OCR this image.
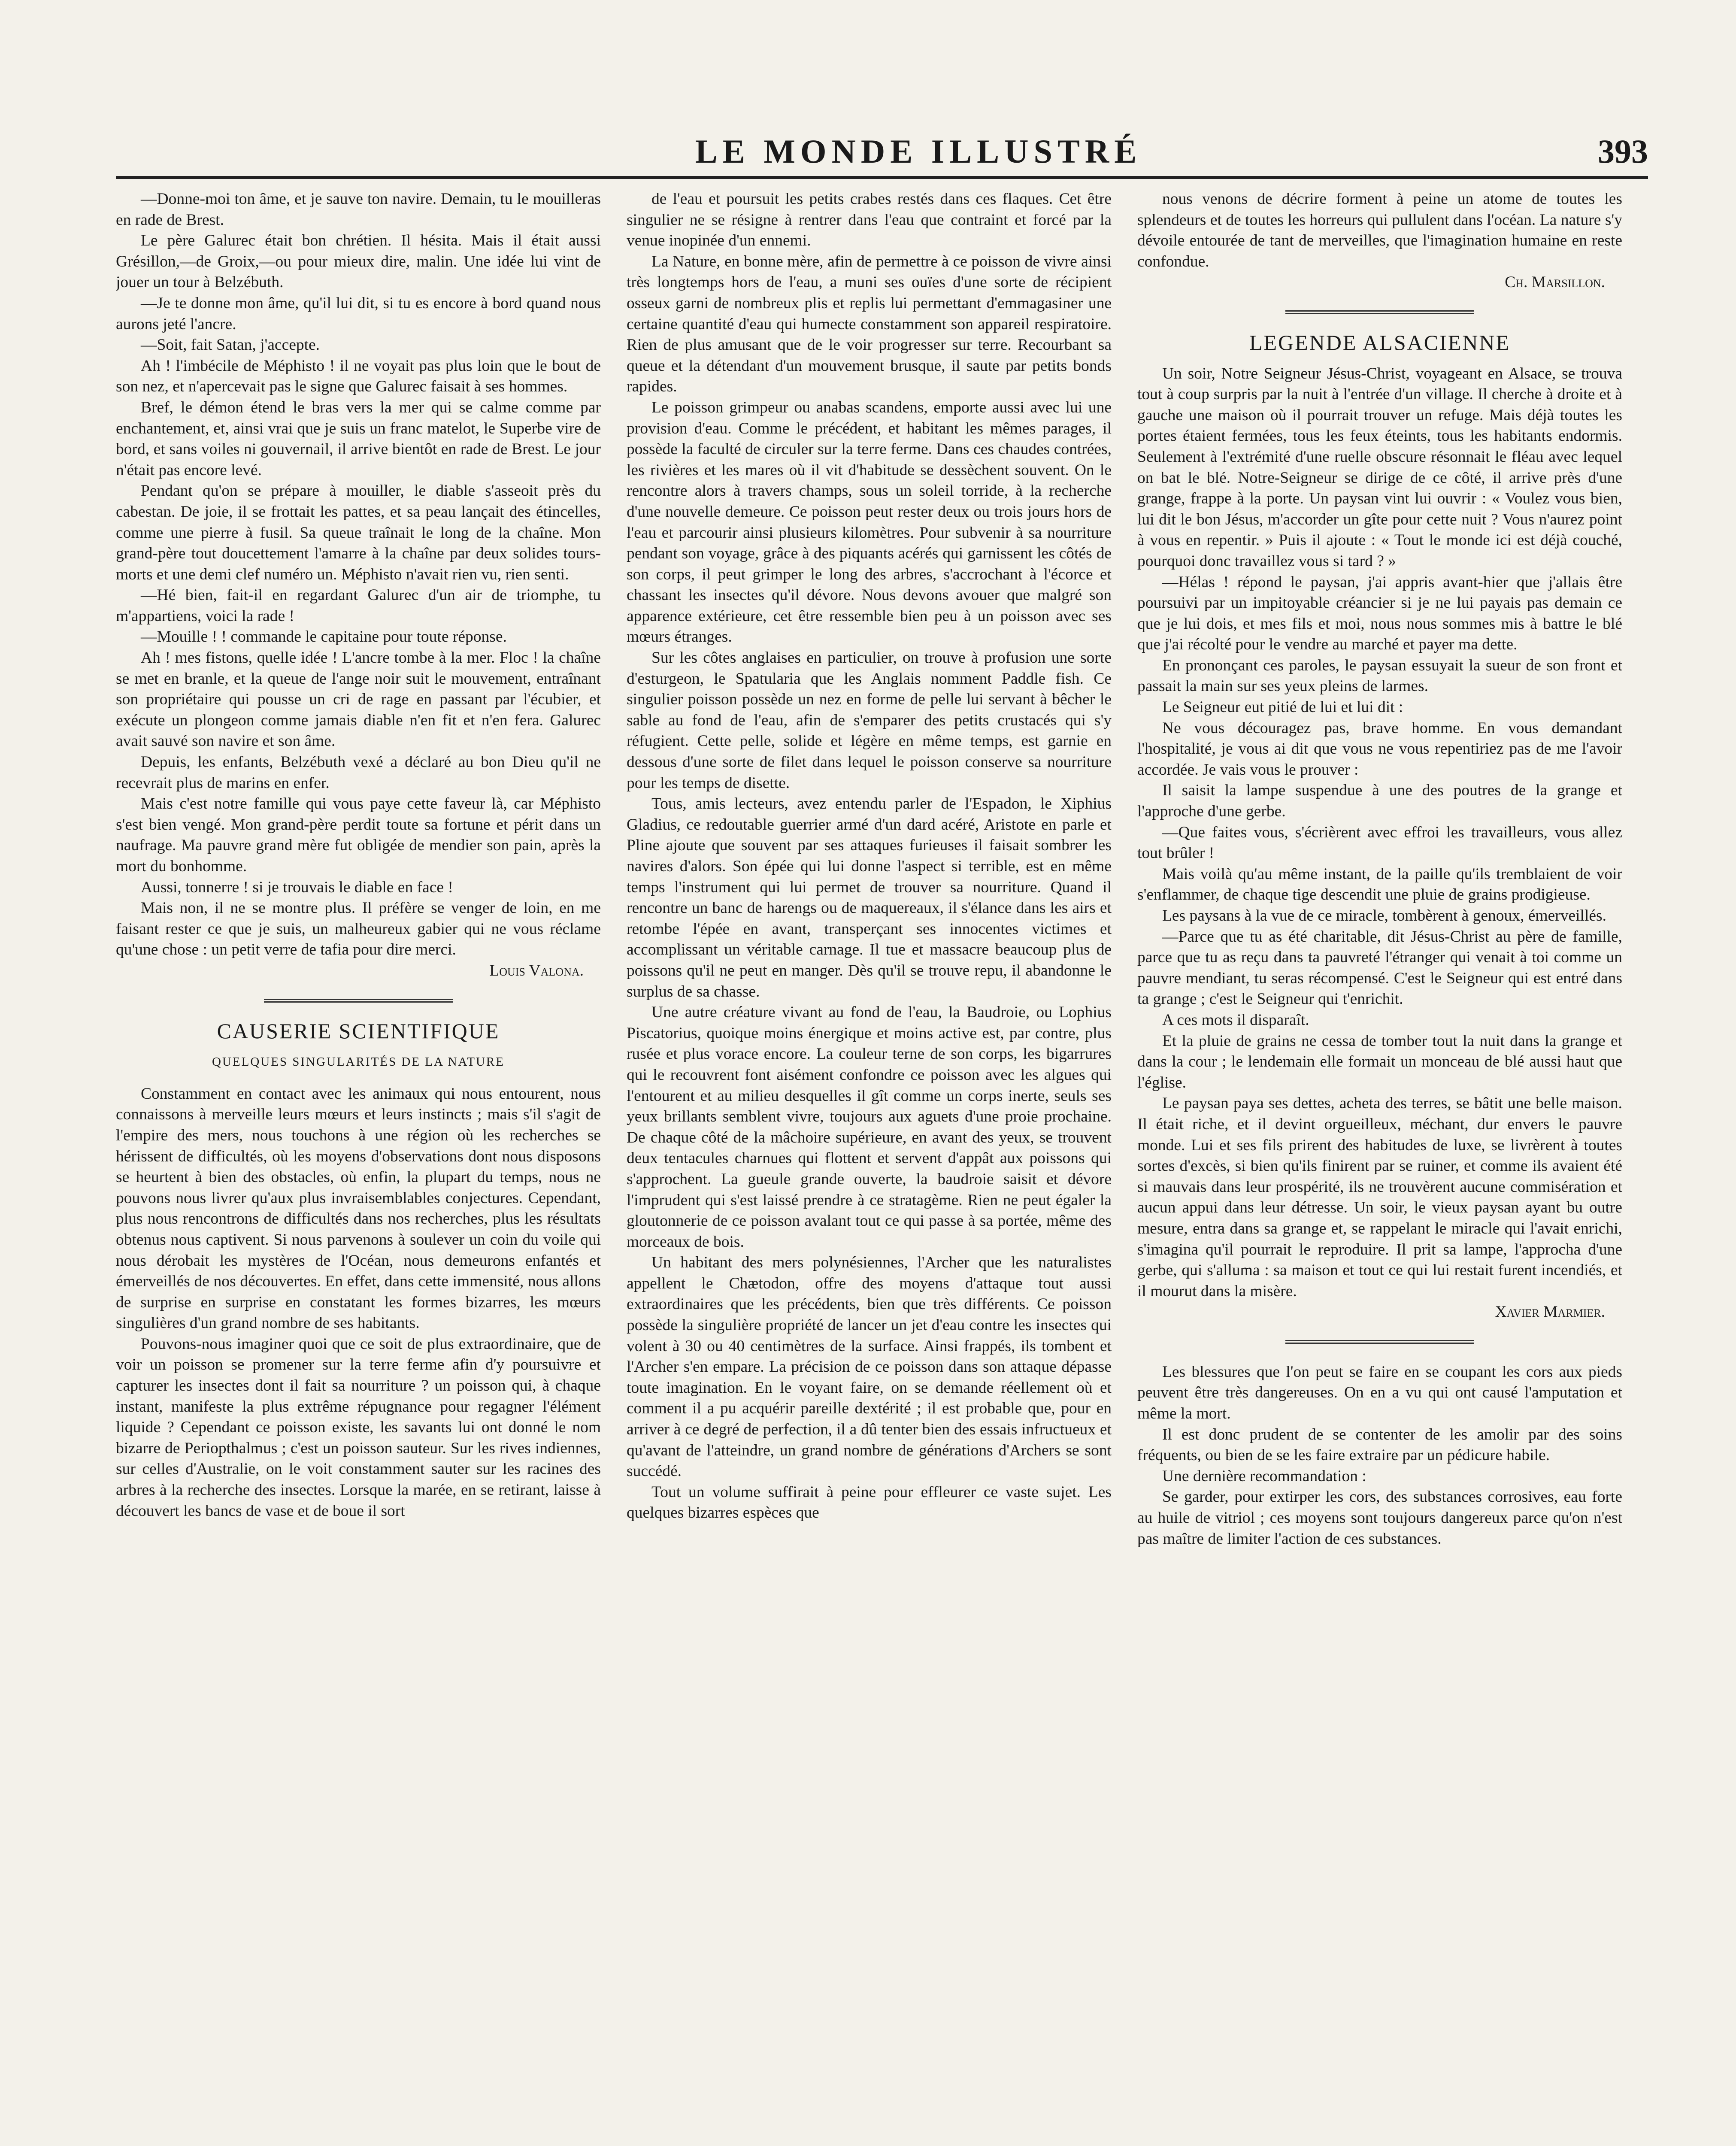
LE MONDE ILLUSTRÉ	393

—Donne-moi ton âme, et je sauve ton navire. Demain, tu le mouilleras en rade de Brest.

Le père Galurec était bon chrétien. Il hésita. Mais il était aussi Grésillon,—de Groix,—ou pour mieux dire, malin. Une idée lui vint de jouer un tour à Belzébuth.

—Je te donne mon âme, qu'il lui dit, si tu es encore à bord quand nous aurons jeté l'ancre.

—Soit, fait Satan, j'accepte.

Ah ! l'imbécile de Méphisto ! il ne voyait pas plus loin que le bout de son nez, et n'apercevait pas le signe que Galurec faisait à ses hommes.

Bref, le démon étend le bras vers la mer qui se calme comme par enchantement, et, ainsi vrai que je suis un franc matelot, le Superbe vire de bord, et sans voiles ni gouvernail, il arrive bientôt en rade de Brest. Le jour n'était pas encore levé.

Pendant qu'on se prépare à mouiller, le diable s'asseoit près du cabestan. De joie, il se frottait les pattes, et sa peau lançait des étincelles, comme une pierre à fusil. Sa queue traînait le long de la chaîne. Mon grand-père tout doucettement l'amarre à la chaîne par deux solides tours-morts et une demi clef numéro un. Méphisto n'avait rien vu, rien senti.

—Hé bien, fait-il en regardant Galurec d'un air de triomphe, tu m'appartiens, voici la rade !

—Mouille ! ! commande le capitaine pour toute réponse.

Ah ! mes fistons, quelle idée ! L'ancre tombe à la mer. Floc ! la chaîne se met en branle, et la queue de l'ange noir suit le mouvement, entraînant son propriétaire qui pousse un cri de rage en passant par l'écubier, et exécute un plongeon comme jamais diable n'en fit et n'en fera. Galurec avait sauvé son navire et son âme.

Depuis, les enfants, Belzébuth vexé a déclaré au bon Dieu qu'il ne recevrait plus de marins en enfer.

Mais c'est notre famille qui vous paye cette faveur là, car Méphisto s'est bien vengé. Mon grand-père perdit toute sa fortune et périt dans un naufrage. Ma pauvre grand mère fut obligée de mendier son pain, après la mort du bonhomme.

Aussi, tonnerre ! si je trouvais le diable en face !

Mais non, il ne se montre plus. Il préfère se venger de loin, en me faisant rester ce que je suis, un malheureux gabier qui ne vous réclame qu'une chose : un petit verre de tafia pour dire merci.

Louis Valona.

CAUSERIE SCIENTIFIQUE
QUELQUES SINGULARITÉS DE LA NATURE

Constamment en contact avec les animaux qui nous entourent, nous connaissons à merveille leurs mœurs et leurs instincts ; mais s'il s'agit de l'empire des mers, nous touchons à une région où les recherches se hérissent de difficultés, où les moyens d'observations dont nous disposons se heurtent à bien des obstacles, où enfin, la plupart du temps, nous ne pouvons nous livrer qu'aux plus invraisemblables conjectures. Cependant, plus nous rencontrons de difficultés dans nos recherches, plus les résultats obtenus nous captivent. Si nous parvenons à soulever un coin du voile qui nous dérobait les mystères de l'Océan, nous demeurons enfantés et émerveillés de nos découvertes. En effet, dans cette immensité, nous allons de surprise en surprise en constatant les formes bizarres, les mœurs singulières d'un grand nombre de ses habitants.

Pouvons-nous imaginer quoi que ce soit de plus extraordinaire, que de voir un poisson se promener sur la terre ferme afin d'y poursuivre et capturer les insectes dont il fait sa nourriture ? un poisson qui, à chaque instant, manifeste la plus extrême répugnance pour regagner l'élément liquide ? Cependant ce poisson existe, les savants lui ont donné le nom bizarre de Periopthalmus ; c'est un poisson sauteur. Sur les rives indiennes, sur celles d'Australie, on le voit constamment sauter sur les racines des arbres à la recherche des insectes. Lorsque la marée, en se retirant, laisse à découvert les bancs de vase et de boue il sort

de l'eau et poursuit les petits crabes restés dans ces flaques. Cet être singulier ne se résigne à rentrer dans l'eau que contraint et forcé par la venue inopinée d'un ennemi.

La Nature, en bonne mère, afin de permettre à ce poisson de vivre ainsi très longtemps hors de l'eau, a muni ses ouïes d'une sorte de récipient osseux garni de nombreux plis et replis lui permettant d'emmagasiner une certaine quantité d'eau qui humecte constamment son appareil respiratoire. Rien de plus amusant que de le voir progresser sur terre. Recourbant sa queue et la détendant d'un mouvement brusque, il saute par petits bonds rapides.

Le poisson grimpeur ou anabas scandens, emporte aussi avec lui une provision d'eau. Comme le précédent, et habitant les mêmes parages, il possède la faculté de circuler sur la terre ferme. Dans ces chaudes contrées, les rivières et les mares où il vit d'habitude se dessèchent souvent. On le rencontre alors à travers champs, sous un soleil torride, à la recherche d'une nouvelle demeure. Ce poisson peut rester deux ou trois jours hors de l'eau et parcourir ainsi plusieurs kilomètres. Pour subvenir à sa nourriture pendant son voyage, grâce à des piquants acérés qui garnissent les côtés de son corps, il peut grimper le long des arbres, s'accrochant à l'écorce et chassant les insectes qu'il dévore. Nous devons avouer que malgré son apparence extérieure, cet être ressemble bien peu à un poisson avec ses mœurs étranges.

Sur les côtes anglaises en particulier, on trouve à profusion une sorte d'esturgeon, le Spatularia que les Anglais nomment Paddle fish. Ce singulier poisson possède un nez en forme de pelle lui servant à bêcher le sable au fond de l'eau, afin de s'emparer des petits crustacés qui s'y réfugient. Cette pelle, solide et légère en même temps, est garnie en dessous d'une sorte de filet dans lequel le poisson conserve sa nourriture pour les temps de disette.

Tous, amis lecteurs, avez entendu parler de l'Espadon, le Xiphius Gladius, ce redoutable guerrier armé d'un dard acéré, Aristote en parle et Pline ajoute que souvent par ses attaques furieuses il faisait sombrer les navires d'alors. Son épée qui lui donne l'aspect si terrible, est en même temps l'instrument qui lui permet de trouver sa nourriture. Quand il rencontre un banc de harengs ou de maquereaux, il s'élance dans les airs et retombe l'épée en avant, transperçant ses innocentes victimes et accomplissant un véritable carnage. Il tue et massacre beaucoup plus de poissons qu'il ne peut en manger. Dès qu'il se trouve repu, il abandonne le surplus de sa chasse.

Une autre créature vivant au fond de l'eau, la Baudroie, ou Lophius Piscatorius, quoique moins énergique et moins active est, par contre, plus rusée et plus vorace encore. La couleur terne de son corps, les bigarrures qui le recouvrent font aisément confondre ce poisson avec les algues qui l'entourent et au milieu desquelles il gît comme un corps inerte, seuls ses yeux brillants semblent vivre, toujours aux aguets d'une proie prochaine. De chaque côté de la mâchoire supérieure, en avant des yeux, se trouvent deux tentacules charnues qui flottent et servent d'appât aux poissons qui s'approchent. La gueule grande ouverte, la baudroie saisit et dévore l'imprudent qui s'est laissé prendre à ce stratagème. Rien ne peut égaler la gloutonnerie de ce poisson avalant tout ce qui passe à sa portée, même des morceaux de bois.

Un habitant des mers polynésiennes, l'Archer que les naturalistes appellent le Chætodon, offre des moyens d'attaque tout aussi extraordinaires que les précédents, bien que très différents. Ce poisson possède la singulière propriété de lancer un jet d'eau contre les insectes qui volent à 30 ou 40 centimètres de la surface. Ainsi frappés, ils tombent et l'Archer s'en empare. La précision de ce poisson dans son attaque dépasse toute imagination. En le voyant faire, on se demande réellement où et comment il a pu acquérir pareille dextérité ; il est probable que, pour en arriver à ce degré de perfection, il a dû tenter bien des essais infructueux et qu'avant de l'atteindre, un grand nombre de générations d'Archers se sont succédé.

Tout un volume suffirait à peine pour effleurer ce vaste sujet. Les quelques bizarres espèces que

nous venons de décrire forment à peine un atome de toutes les splendeurs et de toutes les horreurs qui pullulent dans l'océan. La nature s'y dévoile entourée de tant de merveilles, que l'imagination humaine en reste confondue.

Ch. Marsillon.

LEGENDE ALSACIENNE

Un soir, Notre Seigneur Jésus-Christ, voyageant en Alsace, se trouva tout à coup surpris par la nuit à l'entrée d'un village. Il cherche à droite et à gauche une maison où il pourrait trouver un refuge. Mais déjà toutes les portes étaient fermées, tous les feux éteints, tous les habitants endormis. Seulement à l'extrémité d'une ruelle obscure résonnait le fléau avec lequel on bat le blé. Notre-Seigneur se dirige de ce côté, il arrive près d'une grange, frappe à la porte. Un paysan vint lui ouvrir : « Voulez vous bien, lui dit le bon Jésus, m'accorder un gîte pour cette nuit ? Vous n'aurez point à vous en repentir. » Puis il ajoute : « Tout le monde ici est déjà couché, pourquoi donc travaillez vous si tard ? »

—Hélas ! répond le paysan, j'ai appris avant-hier que j'allais être poursuivi par un impitoyable créancier si je ne lui payais pas demain ce que je lui dois, et mes fils et moi, nous nous sommes mis à battre le blé que j'ai récolté pour le vendre au marché et payer ma dette.

En prononçant ces paroles, le paysan essuyait la sueur de son front et passait la main sur ses yeux pleins de larmes.

Le Seigneur eut pitié de lui et lui dit :

Ne vous découragez pas, brave homme. En vous demandant l'hospitalité, je vous ai dit que vous ne vous repentiriez pas de me l'avoir accordée. Je vais vous le prouver :

Il saisit la lampe suspendue à une des poutres de la grange et l'approche d'une gerbe.

—Que faites vous, s'écrièrent avec effroi les travailleurs, vous allez tout brûler !

Mais voilà qu'au même instant, de la paille qu'ils tremblaient de voir s'enflammer, de chaque tige descendit une pluie de grains prodigieuse.

Les paysans à la vue de ce miracle, tombèrent à genoux, émerveillés.

—Parce que tu as été charitable, dit Jésus-Christ au père de famille, parce que tu as reçu dans ta pauvreté l'étranger qui venait à toi comme un pauvre mendiant, tu seras récompensé. C'est le Seigneur qui est entré dans ta grange ; c'est le Seigneur qui t'enrichit.

A ces mots il disparaît.

Et la pluie de grains ne cessa de tomber tout la nuit dans la grange et dans la cour ; le lendemain elle formait un monceau de blé aussi haut que l'église.

Le paysan paya ses dettes, acheta des terres, se bâtit une belle maison. Il était riche, et il devint orgueilleux, méchant, dur envers le pauvre monde. Lui et ses fils prirent des habitudes de luxe, se livrèrent à toutes sortes d'excès, si bien qu'ils finirent par se ruiner, et comme ils avaient été si mauvais dans leur prospérité, ils ne trouvèrent aucune commisération et aucun appui dans leur détresse. Un soir, le vieux paysan ayant bu outre mesure, entra dans sa grange et, se rappelant le miracle qui l'avait enrichi, s'imagina qu'il pourrait le reproduire. Il prit sa lampe, l'approcha d'une gerbe, qui s'alluma : sa maison et tout ce qui lui restait furent incendiés, et il mourut dans la misère.

Xavier Marmier.

Les blessures que l'on peut se faire en se coupant les cors aux pieds peuvent être très dangereuses. On en a vu qui ont causé l'amputation et même la mort.

Il est donc prudent de se contenter de les amolir par des soins fréquents, ou bien de se les faire extraire par un pédicure habile.

Une dernière recommandation :

Se garder, pour extirper les cors, des substances corrosives, eau forte au huile de vitriol ; ces moyens sont toujours dangereux parce qu'on n'est pas maître de limiter l'action de ces substances.
